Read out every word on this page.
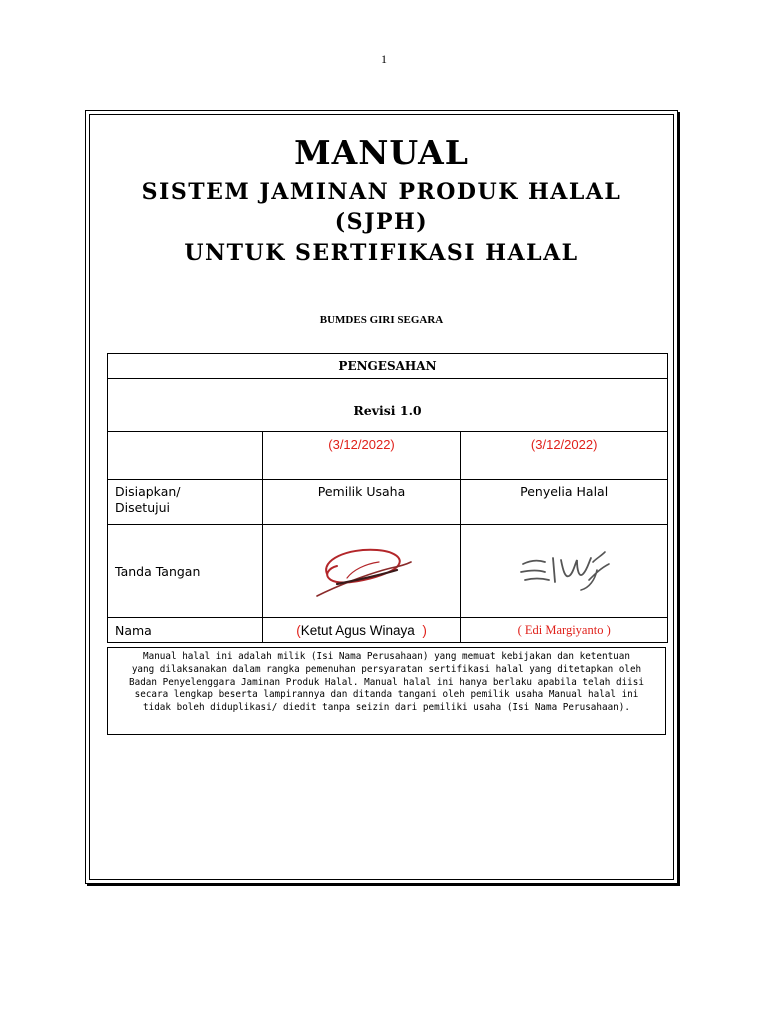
1
MANUAL
SISTEM JAMINAN PRODUK HALAL
(SJPH)
UNTUK SERTIFIKASI HALAL
BUMDES GIRI SEGARA
PENGESAHAN		
Revisi 1.0		
	(3/12/2022)	(3/12/2022)

Disiapkan/
Disetujui	Pemilik Usaha	Penyelia Halal
Tanda Tangan	

Nama	(Ketut Agus Winaya )	( Edi Margiyanto )
Manual halal ini adalah milik (Isi Nama Perusahaan) yang memuat kebijakan dan ketentuan
yang dilaksanakan dalam rangka pemenuhan persyaratan sertifikasi halal yang ditetapkan oleh
Badan Penyelenggara Jaminan Produk Halal. Manual halal ini hanya berlaku apabila telah diisi
secara lengkap beserta lampirannya dan ditanda tangani oleh pemilik usaha Manual halal ini
tidak boleh diduplikasi/ diedit tanpa seizin dari pemiliki usaha (Isi Nama Perusahaan).
